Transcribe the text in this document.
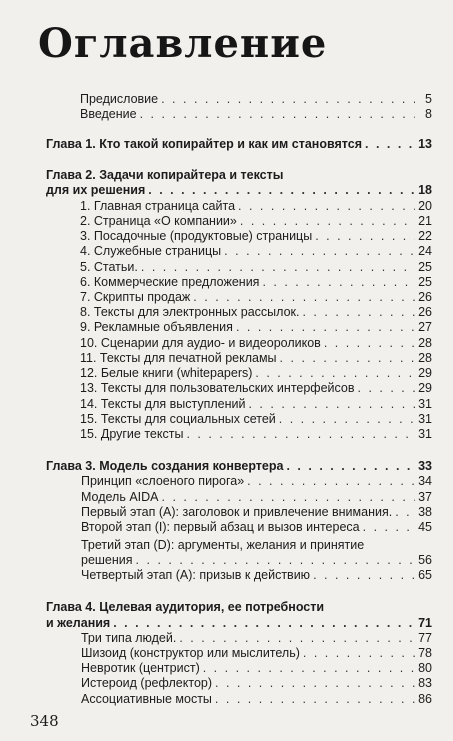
Оглавление
Предисловие . . .	5
Введение . . .	8
Глава 1. Кто такой копирайтер и как им становятся . . .	13
Глава 2. Задачи копирайтера и тексты
для их решения . . .	18
1. Главная страница сайта . . .	20
2. Страница «О компании» . . .	21
3. Посадочные (продуктовые) страницы . . .	22
4. Служебные страницы . . .	24
5. Статьи. . . .	25
6. Коммерческие предложения . . .	25
7. Скрипты продаж . . .	26
8. Тексты для электронных рассылок. . . .	26
9. Рекламные объявления . . .	27
10. Сценарии для аудио- и видеороликов . . .	28
11. Тексты для печатной рекламы . . .	28
12. Белые книги (whitepapers) . . .	29
13. Тексты для пользовательских интерфейсов . . .	29
14. Тексты для выступлений . . .	31
15. Тексты для социальных сетей . . .	31
15. Другие тексты . . .	31
Глава 3. Модель создания конвертера . . .	33
Принцип «слоеного пирога» . . .	34
Модель AIDA . . .	37
Первый этап (А): заголовок и привлечение внимания. . . . 38
Второй этап (I): первый абзац и вызов интереса . . .	45
Третий этап (D): аргументы, желания и принятие
решения . . .	56
Четвертый этап (А): призыв к действию . . .	65
Глава 4. Целевая аудитория, ее потребности
и желания . . .	71
Три типа людей. . . .	77
Шизоид (конструктор или мыслитель) . . .	78
Невротик (центрист) . . .	80
Истероид (рефлектор) . . .	83
Ассоциативные мосты . . .	86
348
